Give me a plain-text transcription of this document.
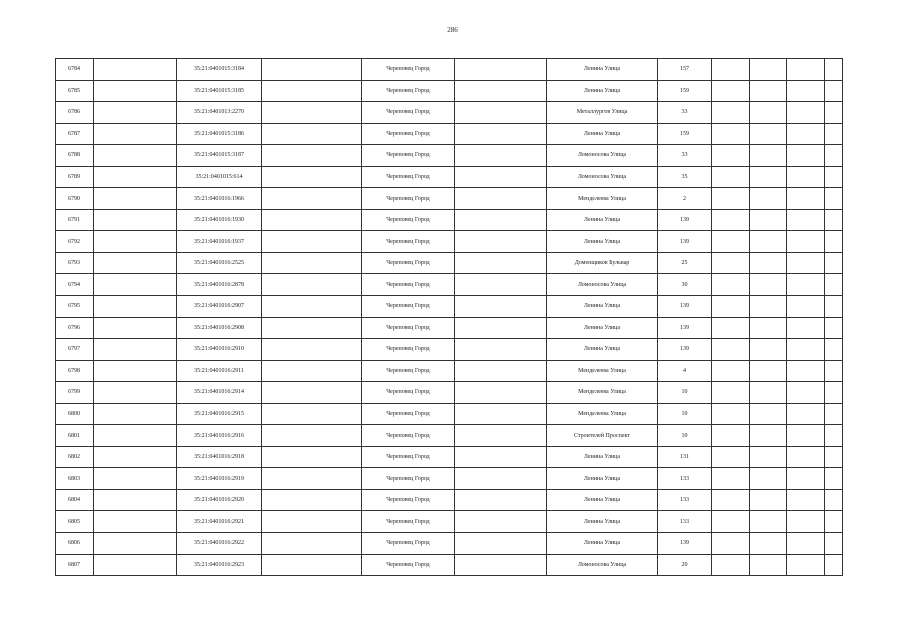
286
6784		35:21:0401015:3184		Череповец Город		Ленина Улица	157				
6785		35:21:0401015:3185		Череповец Город		Ленина Улица	159				
6786		35:21:0401013:2270		Череповец Город		Металлургов Улица	33				
6787		35:21:0401015:3186		Череповец Город		Ленина Улица	159				
6788		35:21:0401015:3187		Череповец Город		Ломоносова Улица	33				
6789		35:21:0401015:614		Череповец Город		Ломоносова Улица	35				
6790		35:21:0401016:1966		Череповец Город		Менделеева Улица	2				
6791		35:21:0401016:1930		Череповец Город		Ленина Улица	139				
6792		35:21:0401016:1937		Череповец Город		Ленина Улица	139				
6793		35:21:0401016:2525		Череповец Город		Доменщиков Бульвар	25				
6794		35:21:0401016:2878		Череповец Город		Ломоносова Улица	30				
6795		35:21:0401016:2907		Череповец Город		Ленина Улица	139				
6796		35:21:0401016:2908		Череповец Город		Ленина Улица	139				
6797		35:21:0401016:2910		Череповец Город		Ленина Улица	139				
6798		35:21:0401016:2911		Череповец Город		Менделеева Улица	4				
6799		35:21:0401016:2914		Череповец Город		Менделеева Улица	10				
6800		35:21:0401016:2915		Череповец Город		Менделеева Улица	10				
6801		35:21:0401016:2916		Череповец Город		Строителей Проспект	10				
6802		35:21:0401016:2918		Череповец Город		Ленина Улица	131				
6803		35:21:0401016:2919		Череповец Город		Ленина Улица	133				
6804		35:21:0401016:2920		Череповец Город		Ленина Улица	133				
6805		35:21:0401016:2921		Череповец Город		Ленина Улица	133				
6806		35:21:0401016:2922		Череповец Город		Ленина Улица	139				
6807		35:21:0401016:2923		Череповец Город		Ломоносова Улица	20				
